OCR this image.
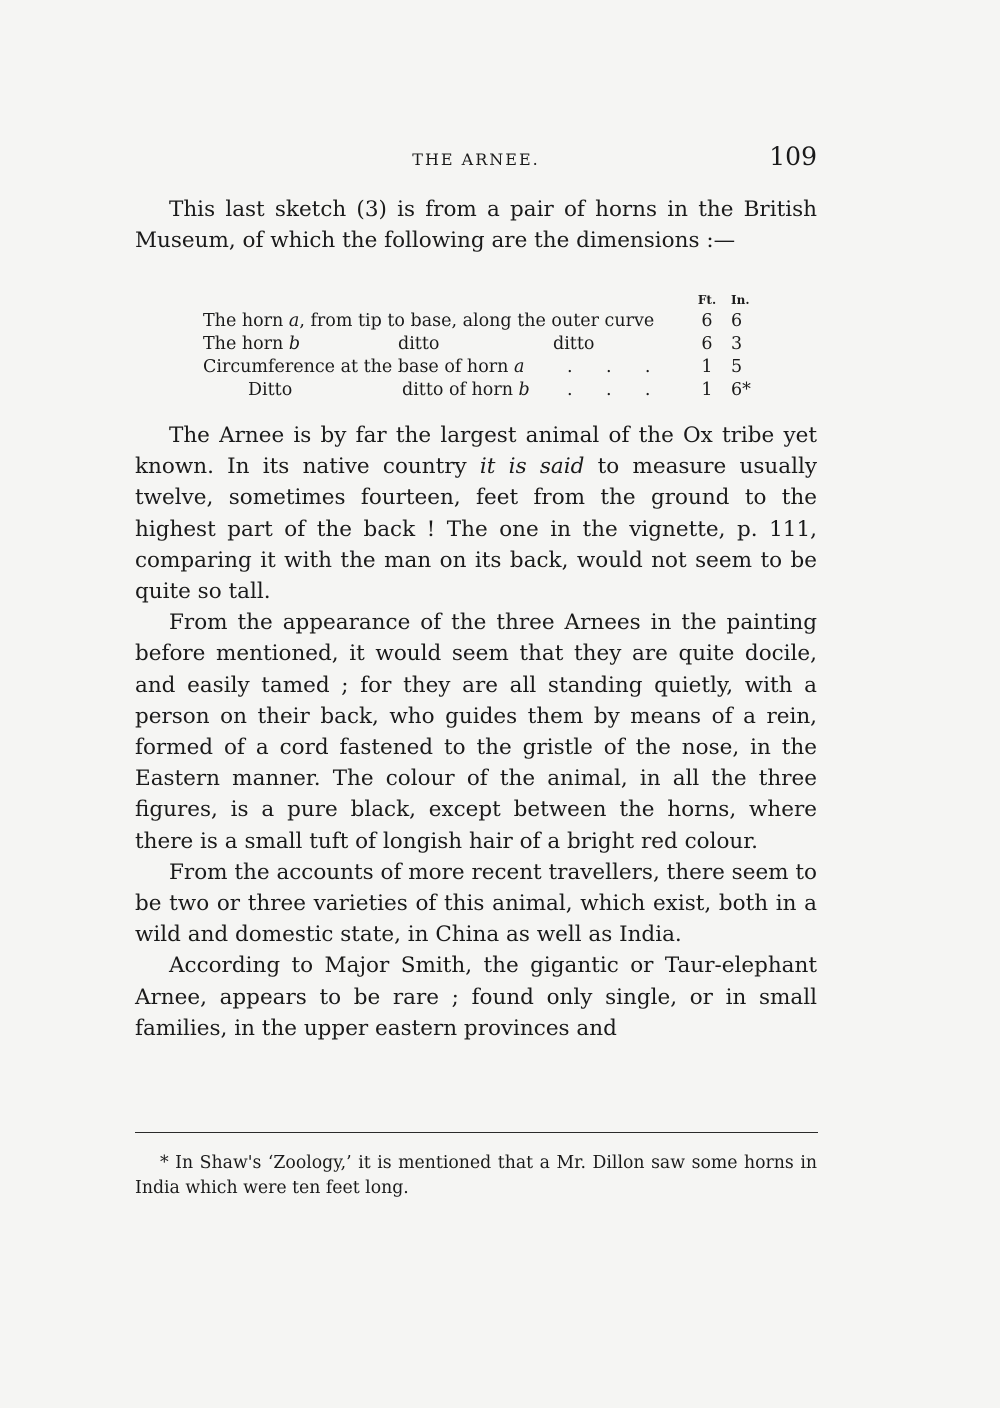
THE ARNEE.	109

This last sketch (3) is from a pair of horns in the British Museum, of which the following are the dimensions :—

Ft. In.
The horn a, from tip to base, along the outer curve	6 6
The horn b	ditto	ditto	6 3
Circumference at the base of horn a .      .      .	1 5
Ditto	ditto of horn b .      .      .	1 6*

The Arnee is by far the largest animal of the Ox tribe yet known. In its native country it is said to measure usually twelve, sometimes fourteen, feet from the ground to the highest part of the back ! The one in the vignette, p. 111, comparing it with the man on its back, would not seem to be quite so tall.

From the appearance of the three Arnees in the painting before mentioned, it would seem that they are quite docile, and easily tamed ; for they are all standing quietly, with a person on their back, who guides them by means of a rein, formed of a cord fastened to the gristle of the nose, in the Eastern manner. The colour of the animal, in all the three figures, is a pure black, except between the horns, where there is a small tuft of longish hair of a bright red colour.

From the accounts of more recent travellers, there seem to be two or three varieties of this animal, which exist, both in a wild and domestic state, in China as well as India.

According to Major Smith, the gigantic or Taur-elephant Arnee, appears to be rare ; found only single, or in small families, in the upper eastern provinces and

* In Shaw's ‘Zoology,’ it is mentioned that a Mr. Dillon saw some horns in India which were ten feet long.
